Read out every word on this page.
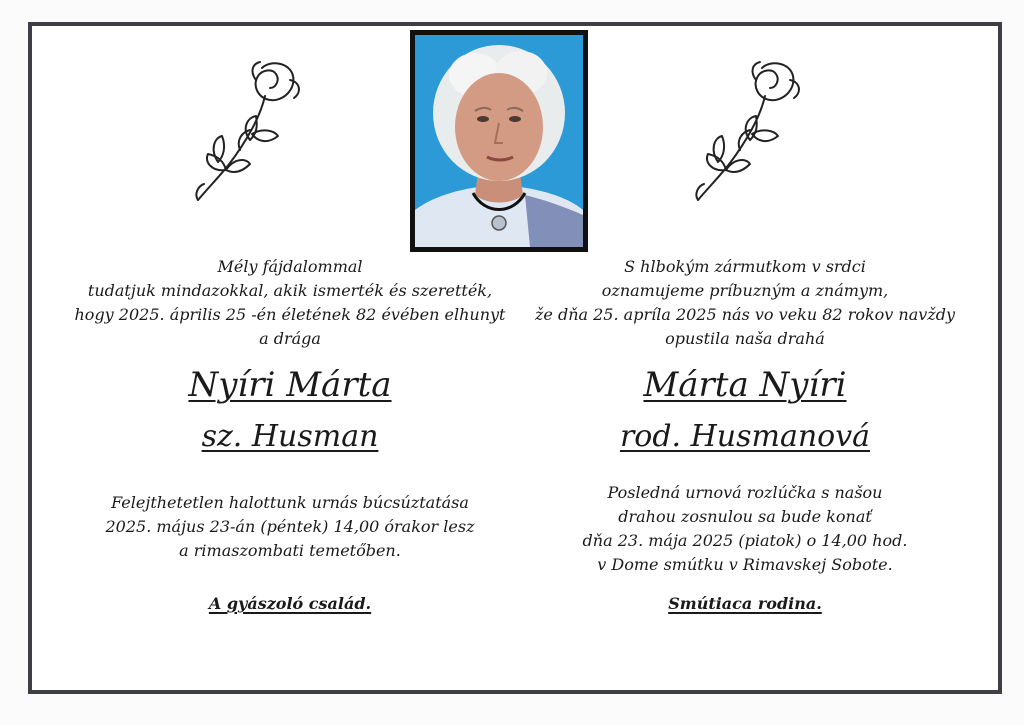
Mély fájdalommal
tudatjuk mindazokkal, akik ismerték és szerették,
hogy 2025. április 25 -én életének 82 évében elhunyt
a drága

Nyíri Márta

sz. Husman

Felejthetetlen halottunk urnás búcsúztatása
2025. május 23-án (péntek) 14,00 órakor lesz
a rimaszombati temetőben.

A gyászoló család.

S hlbokým zármutkom v srdci
oznamujeme príbuzným a známym,
že dňa 25. apríla 2025 nás vo veku 82 rokov navždy
opustila naša drahá

Márta Nyíri

rod. Husmanová

Posledná urnová rozlúčka s našou
drahou zosnulou sa bude konať
dňa 23. mája 2025 (piatok) o 14,00 hod.
v Dome smútku v Rimavskej Sobote.

Smútiaca rodina.
